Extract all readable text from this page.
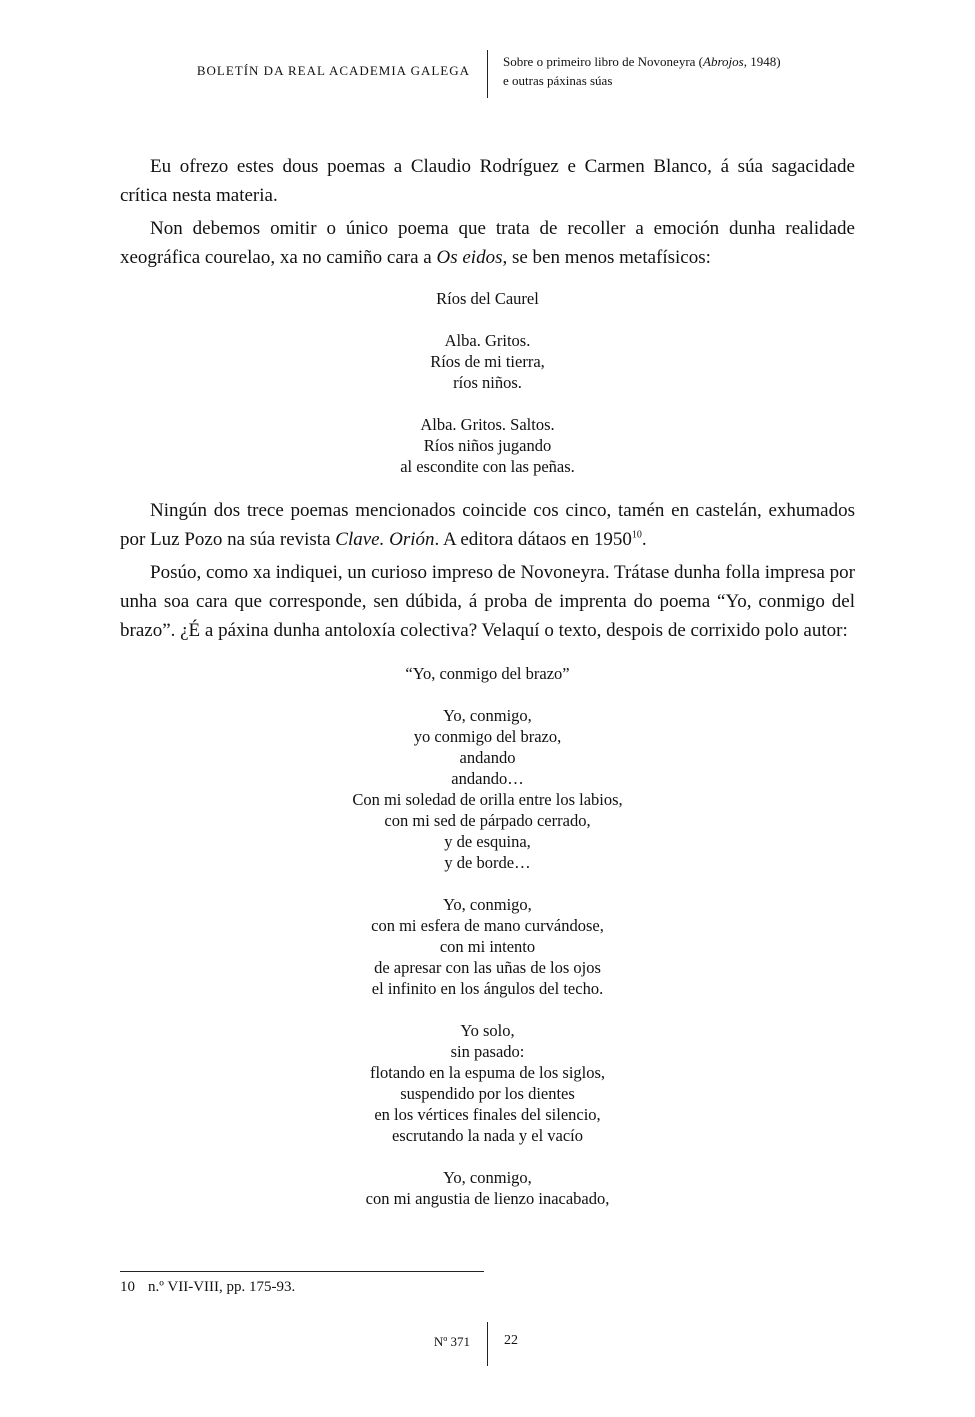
BOLETÍN DA REAL ACADEMIA GALEGA
Sobre o primeiro libro de Novoneyra (Abrojos, 1948)
e outras páxinas súas

Eu ofrezo estes dous poemas a Claudio Rodríguez e Carmen Blanco, á súa sagacidade crítica nesta materia.

Non debemos omitir o único poema que trata de recoller a emoción dunha realidade xeográfica courelao, xa no camiño cara a Os eidos, se ben menos metafísicos:

Ríos del Caurel
Alba. Gritos.
Ríos de mi tierra,
ríos niños.
Alba. Gritos. Saltos.
Ríos niños jugando
al escondite con las peñas.

Ningún dos trece poemas mencionados coincide cos cinco, tamén en castelán, exhumados por Luz Pozo na súa revista Clave. Orión. A editora dátaos en 1950$^{10}$.

Posúo, como xa indiquei, un curioso impreso de Novoneyra. Trátase dunha folla impresa por unha soa cara que corresponde, sen dúbida, á proba de imprenta do poema “Yo, conmigo del brazo”. ¿É a páxina dunha antoloxía colectiva? Velaquí o texto, despois de corrixido polo autor:

“Yo, conmigo del brazo”
Yo, conmigo,
yo conmigo del brazo,
andando
andando…
Con mi soledad de orilla entre los labios,
con mi sed de párpado cerrado,
y de esquina,
y de borde…
Yo, conmigo,
con mi esfera de mano curvándose,
con mi intento
de apresar con las uñas de los ojos
el infinito en los ángulos del techo.
Yo solo,
sin pasado:
flotando en la espuma de los siglos,
suspendido por los dientes
en los vértices finales del silencio,
escrutando la nada y el vacío
Yo, conmigo,
con mi angustia de lienzo inacabado,
10 n.º VII-VIII, pp. 175-93.
Nº 371 22
